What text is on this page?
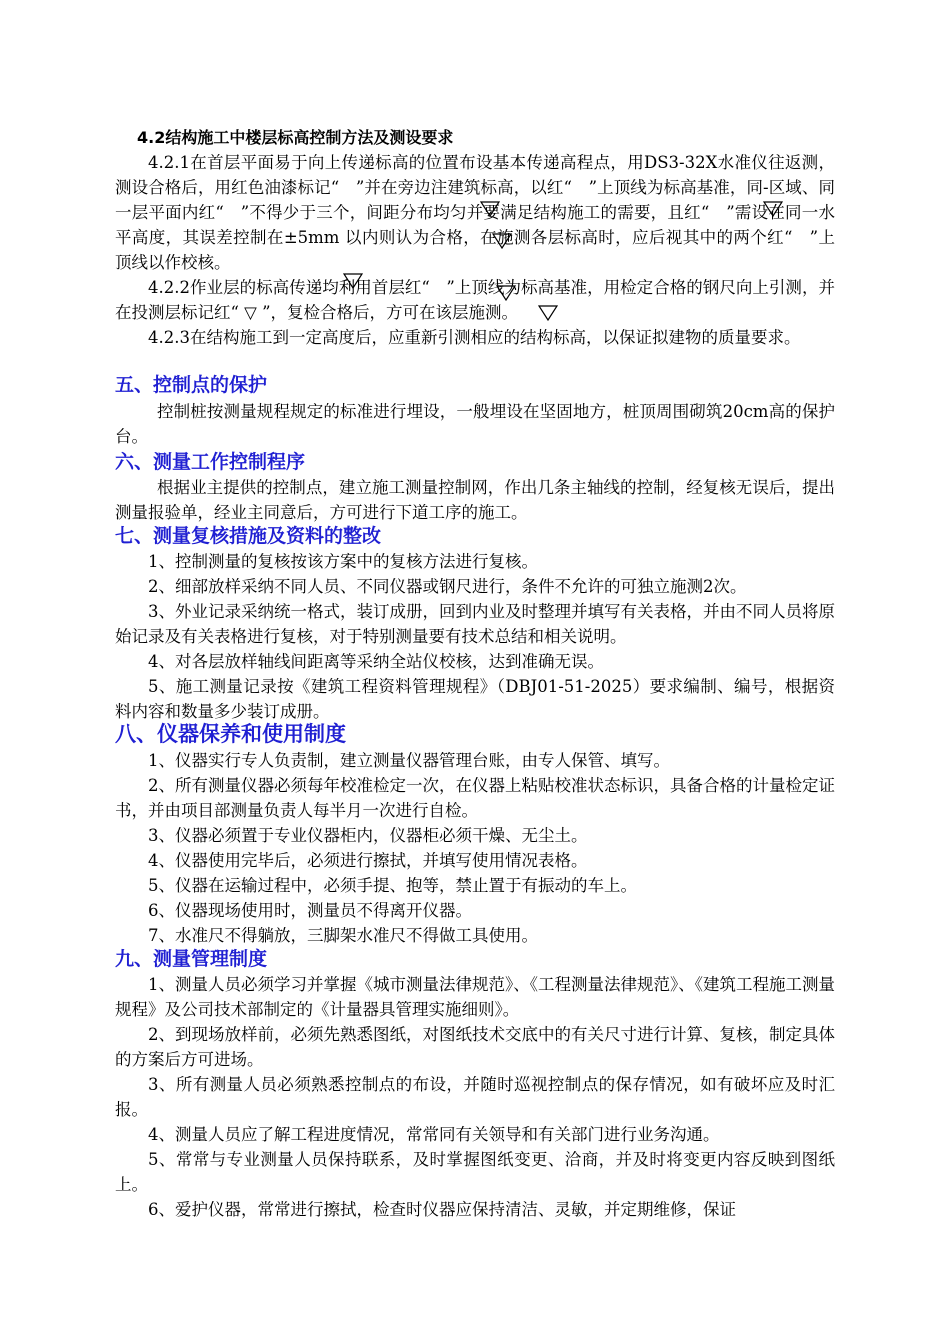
4.2结构施工中楼层标高控制方法及测设要求

4.2.1在首层平面易于向上传递标高的位置布设基本传递高程点，用DS3-32X水准仪往返测，测设合格后，用红色油漆标记“　”并在旁边注建筑标高，以红“　”上顶线为标高基准，同-区域、同一层平面内红“　”不得少于三个，间距分布均匀并要满足结构施工的需要，且红“　”需设在同一水平高度，其误差控制在±5mm 以内则认为合格，在施测各层标高时，应后视其中的两个红“　”上顶线以作校核。

4.2.2作业层的标高传递均利用首层红“　”上顶线为标高基准，用检定合格的钢尺向上引测，并在投测层标记红“ ▽ ”，复检合格后，方可在该层施测。

4.2.3在结构施工到一定高度后，应重新引测相应的结构标高，以保证拟建物的质量要求。

五、控制点的保护

控制桩按测量规程规定的标准进行埋设，一般埋设在坚固地方，桩顶周围砌筑20cm高的保护台。

六、测量工作控制程序

根据业主提供的控制点，建立施工测量控制网，作出几条主轴线的控制，经复核无误后，提出测量报验单，经业主同意后，方可进行下道工序的施工。

七、测量复核措施及资料的整改

1、控制测量的复核按该方案中的复核方法进行复核。

2、细部放样采纳不同人员、不同仪器或钢尺进行，条件不允许的可独立施测2次。

3、外业记录采纳统一格式，装订成册，回到内业及时整理并填写有关表格，并由不同人员将原始记录及有关表格进行复核，对于特别测量要有技术总结和相关说明。

4、对各层放样轴线间距离等采纳全站仪校核，达到准确无误。

5、施工测量记录按《建筑工程资料管理规程》（DBJ01-51-2025）要求编制、编号，根据资料内容和数量多少装订成册。

八、仪器保养和使用制度

1、仪器实行专人负责制，建立测量仪器管理台账，由专人保管、填写。

2、所有测量仪器必须每年校准检定一次，在仪器上粘贴校准状态标识，具备合格的计量检定证书，并由项目部测量负责人每半月一次进行自检。

3、仪器必须置于专业仪器柜内，仪器柜必须干燥、无尘土。

4、仪器使用完毕后，必须进行擦拭，并填写使用情况表格。

5、仪器在运输过程中，必须手提、抱等，禁止置于有振动的车上。

6、仪器现场使用时，测量员不得离开仪器。

7、水准尺不得躺放，三脚架水准尺不得做工具使用。

九、测量管理制度

1、测量人员必须学习并掌握《城市测量法律规范》、《工程测量法律规范》、《建筑工程施工测量规程》及公司技术部制定的《计量器具管理实施细则》。

2、到现场放样前，必须先熟悉图纸，对图纸技术交底中的有关尺寸进行计算、复核，制定具体的方案后方可进场。

3、所有测量人员必须熟悉控制点的布设，并随时巡视控制点的保存情况，如有破坏应及时汇报。

4、测量人员应了解工程进度情况，常常同有关领导和有关部门进行业务沟通。

5、常常与专业测量人员保持联系，及时掌握图纸变更、洽商，并及时将变更内容反映到图纸上。

6、爱护仪器，常常进行擦拭，检查时仪器应保持清洁、灵敏，并定期维修，保证
